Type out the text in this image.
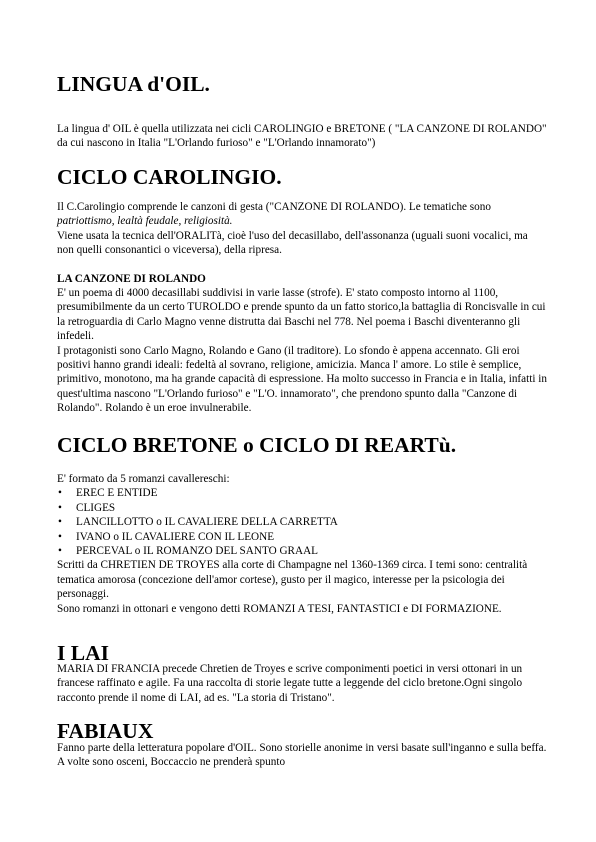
LINGUA d'OIL.

La lingua d' OIL è quella utilizzata nei cicli CAROLINGIO e BRETONE ( "LA CANZONE DI ROLANDO" da cui nascono in Italia "L'Orlando furioso" e "L'Orlando innamorato")

CICLO CAROLINGIO.

Il C.Carolingio comprende le canzoni di gesta ("CANZONE DI ROLANDO). Le tematiche sono
patriottismo, lealtà feudale, religiosità.

Viene usata la tecnica dell'ORALITà, cioè l'uso del decasillabo, dell'assonanza (uguali suoni vocalici, ma non quelli consonantici o viceversa), della ripresa.

LA CANZONE DI ROLANDO

E' un poema di 4000 decasillabi suddivisi in varie lasse (strofe). E' stato composto intorno al 1100, presumibilmente da un certo TUROLDO e prende spunto da un fatto storico,la battaglia di Roncisvalle in cui la retroguardia di Carlo Magno venne distrutta dai Baschi nel 778. Nel poema i Baschi diventeranno gli infedeli.

I protagonisti sono Carlo Magno, Rolando e Gano (il traditore). Lo sfondo è appena accennato. Gli eroi positivi hanno grandi ideali: fedeltà al sovrano, religione, amicizia. Manca l' amore. Lo stile è semplice, primitivo, monotono, ma ha grande capacità di espressione. Ha molto successo in Francia e in Italia, infatti in quest'ultima nascono "L'Orlando furioso" e "L'O. innamorato", che prendono spunto dalla "Canzone di Rolando". Rolando è un eroe invulnerabile.

CICLO BRETONE o CICLO DI REARTù.

E' formato da 5 romanzi cavallereschi:

• EREC E ENTIDE
• CLIGES
• LANCILLOTTO o IL CAVALIERE DELLA CARRETTA
• IVANO o IL CAVALIERE CON IL LEONE
• PERCEVAL o IL ROMANZO DEL SANTO GRAAL

Scritti da CHRETIEN DE TROYES alla corte di Champagne nel 1360-1369 circa. I temi sono: centralità tematica amorosa (concezione dell'amor cortese), gusto per il magico, interesse per la psicologia dei personaggi.

Sono romanzi in ottonari e vengono detti ROMANZI A TESI, FANTASTICI e DI FORMAZIONE.

I LAI

MARIA DI FRANCIA precede Chretien de Troyes e scrive componimenti poetici in versi ottonari in un francese raffinato e agile. Fa una raccolta di storie legate tutte a leggende del ciclo bretone.Ogni singolo racconto prende il nome di LAI, ad es. "La storia di Tristano".

FABIAUX

Fanno parte della letteratura popolare d'OIL. Sono storielle anonime in versi basate sull'inganno e sulla beffa. A volte sono osceni, Boccaccio ne prenderà spunto
